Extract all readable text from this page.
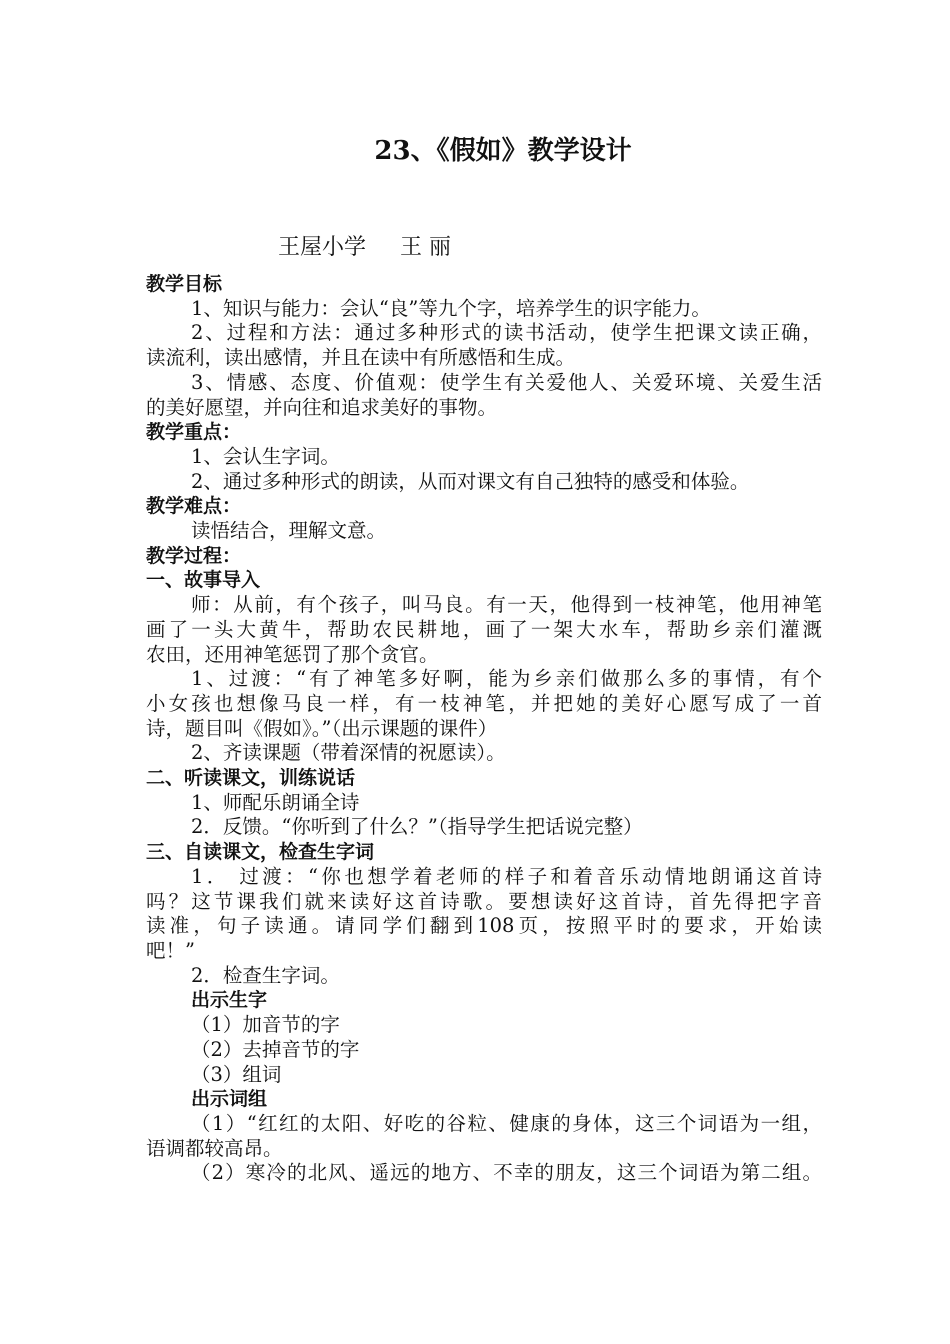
23、《假如》教学设计
王屋小学 王 丽
教学目标
1、知识与能力：会认“良”等九个字，培养学生的识字能力。
2、过程和方法：通过多种形式的读书活动，使学生把课文读正确，
读流利，读出感情，并且在读中有所感悟和生成。
3、情感、态度、价值观：使学生有关爱他人、关爱环境、关爱生活
的美好愿望，并向往和追求美好的事物。
教学重点：
1、会认生字词。
2、通过多种形式的朗读，从而对课文有自己独特的感受和体验。
教学难点：
读悟结合，理解文意。
教学过程：
一、故事导入
师：从前，有个孩子，叫马良。有一天，他得到一枝神笔，他用神笔
画了一头大黄牛，帮助农民耕地，画了一架大水车，帮助乡亲们灌溉
农田，还用神笔惩罚了那个贪官。
1、过渡：“有了神笔多好啊，能为乡亲们做那么多的事情，有个
小女孩也想像马良一样，有一枝神笔，并把她的美好心愿写成了一首
诗，题目叫《假如》。”（出示课题的课件）
2、齐读课题（带着深情的祝愿读）。
二、听读课文，训练说话
1、师配乐朗诵全诗
2．反馈。“你听到了什么？”（指导学生把话说完整）
三、自读课文，检查生字词
1． 过渡：“你也想学着老师的样子和着音乐动情地朗诵这首诗
吗？这节课我们就来读好这首诗歌。要想读好这首诗，首先得把字音
读准，句子读通。请同学们翻到108页，按照平时的要求，开始读
吧！”
2．检查生字词。
出示生字
（1）加音节的字
（2）去掉音节的字
（3）组词
出示词组
（1）“红红的太阳、好吃的谷粒、健康的身体，这三个词语为一组，
语调都较高昂。
（2）寒冷的北风、遥远的地方、不幸的朋友，这三个词语为第二组。
